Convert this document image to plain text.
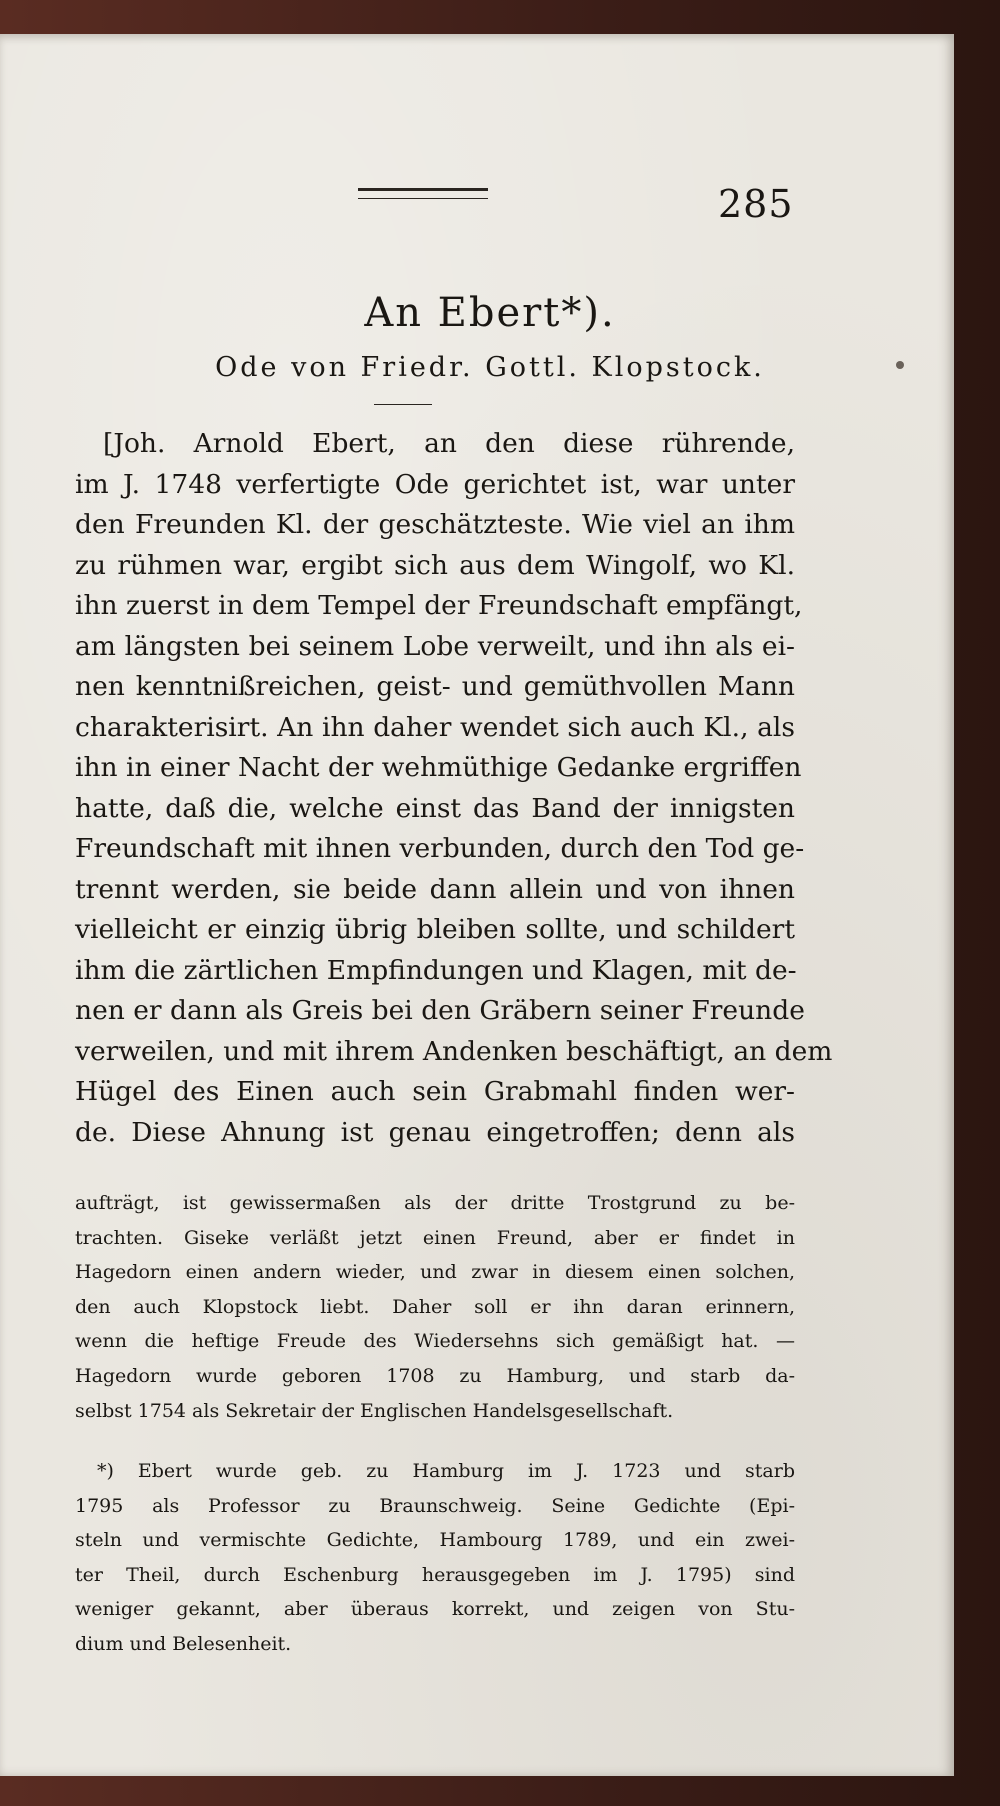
285
An Ebert*).
Ode von Friedr. Gottl. Klopstock.
[Joh. Arnold Ebert, an den diese rührende,
im J. 1748 verfertigte Ode gerichtet ist, war unter
den Freunden Kl. der geschätzteste. Wie viel an ihm
zu rühmen war, ergibt sich aus dem Wingolf, wo Kl.
ihn zuerst in dem Tempel der Freundschaft empfängt,
am längsten bei seinem Lobe verweilt, und ihn als ei-
nen kenntnißreichen, geist- und gemüthvollen Mann
charakterisirt. An ihn daher wendet sich auch Kl., als
ihn in einer Nacht der wehmüthige Gedanke ergriffen
hatte, daß die, welche einst das Band der innigsten
Freundschaft mit ihnen verbunden, durch den Tod ge-
trennt werden, sie beide dann allein und von ihnen
vielleicht er einzig übrig bleiben sollte, und schildert
ihm die zärtlichen Empfindungen und Klagen, mit de-
nen er dann als Greis bei den Gräbern seiner Freunde
verweilen, und mit ihrem Andenken beschäftigt, an dem
Hügel des Einen auch sein Grabmahl finden wer-
de. Diese Ahnung ist genau eingetroffen; denn als
aufträgt, ist gewissermaßen als der dritte Trostgrund zu be-
trachten. Giseke verläßt jetzt einen Freund, aber er findet in
Hagedorn einen andern wieder, und zwar in diesem einen solchen,
den auch Klopstock liebt. Daher soll er ihn daran erinnern,
wenn die heftige Freude des Wiedersehns sich gemäßigt hat. —
Hagedorn wurde geboren 1708 zu Hamburg, und starb da-
selbst 1754 als Sekretair der Englischen Handelsgesellschaft.
*) Ebert wurde geb. zu Hamburg im J. 1723 und starb
1795 als Professor zu Braunschweig. Seine Gedichte (Epi-
steln und vermischte Gedichte, Hambourg 1789, und ein zwei-
ter Theil, durch Eschenburg herausgegeben im J. 1795) sind
weniger gekannt, aber überaus korrekt, und zeigen von Stu-
dium und Belesenheit.
